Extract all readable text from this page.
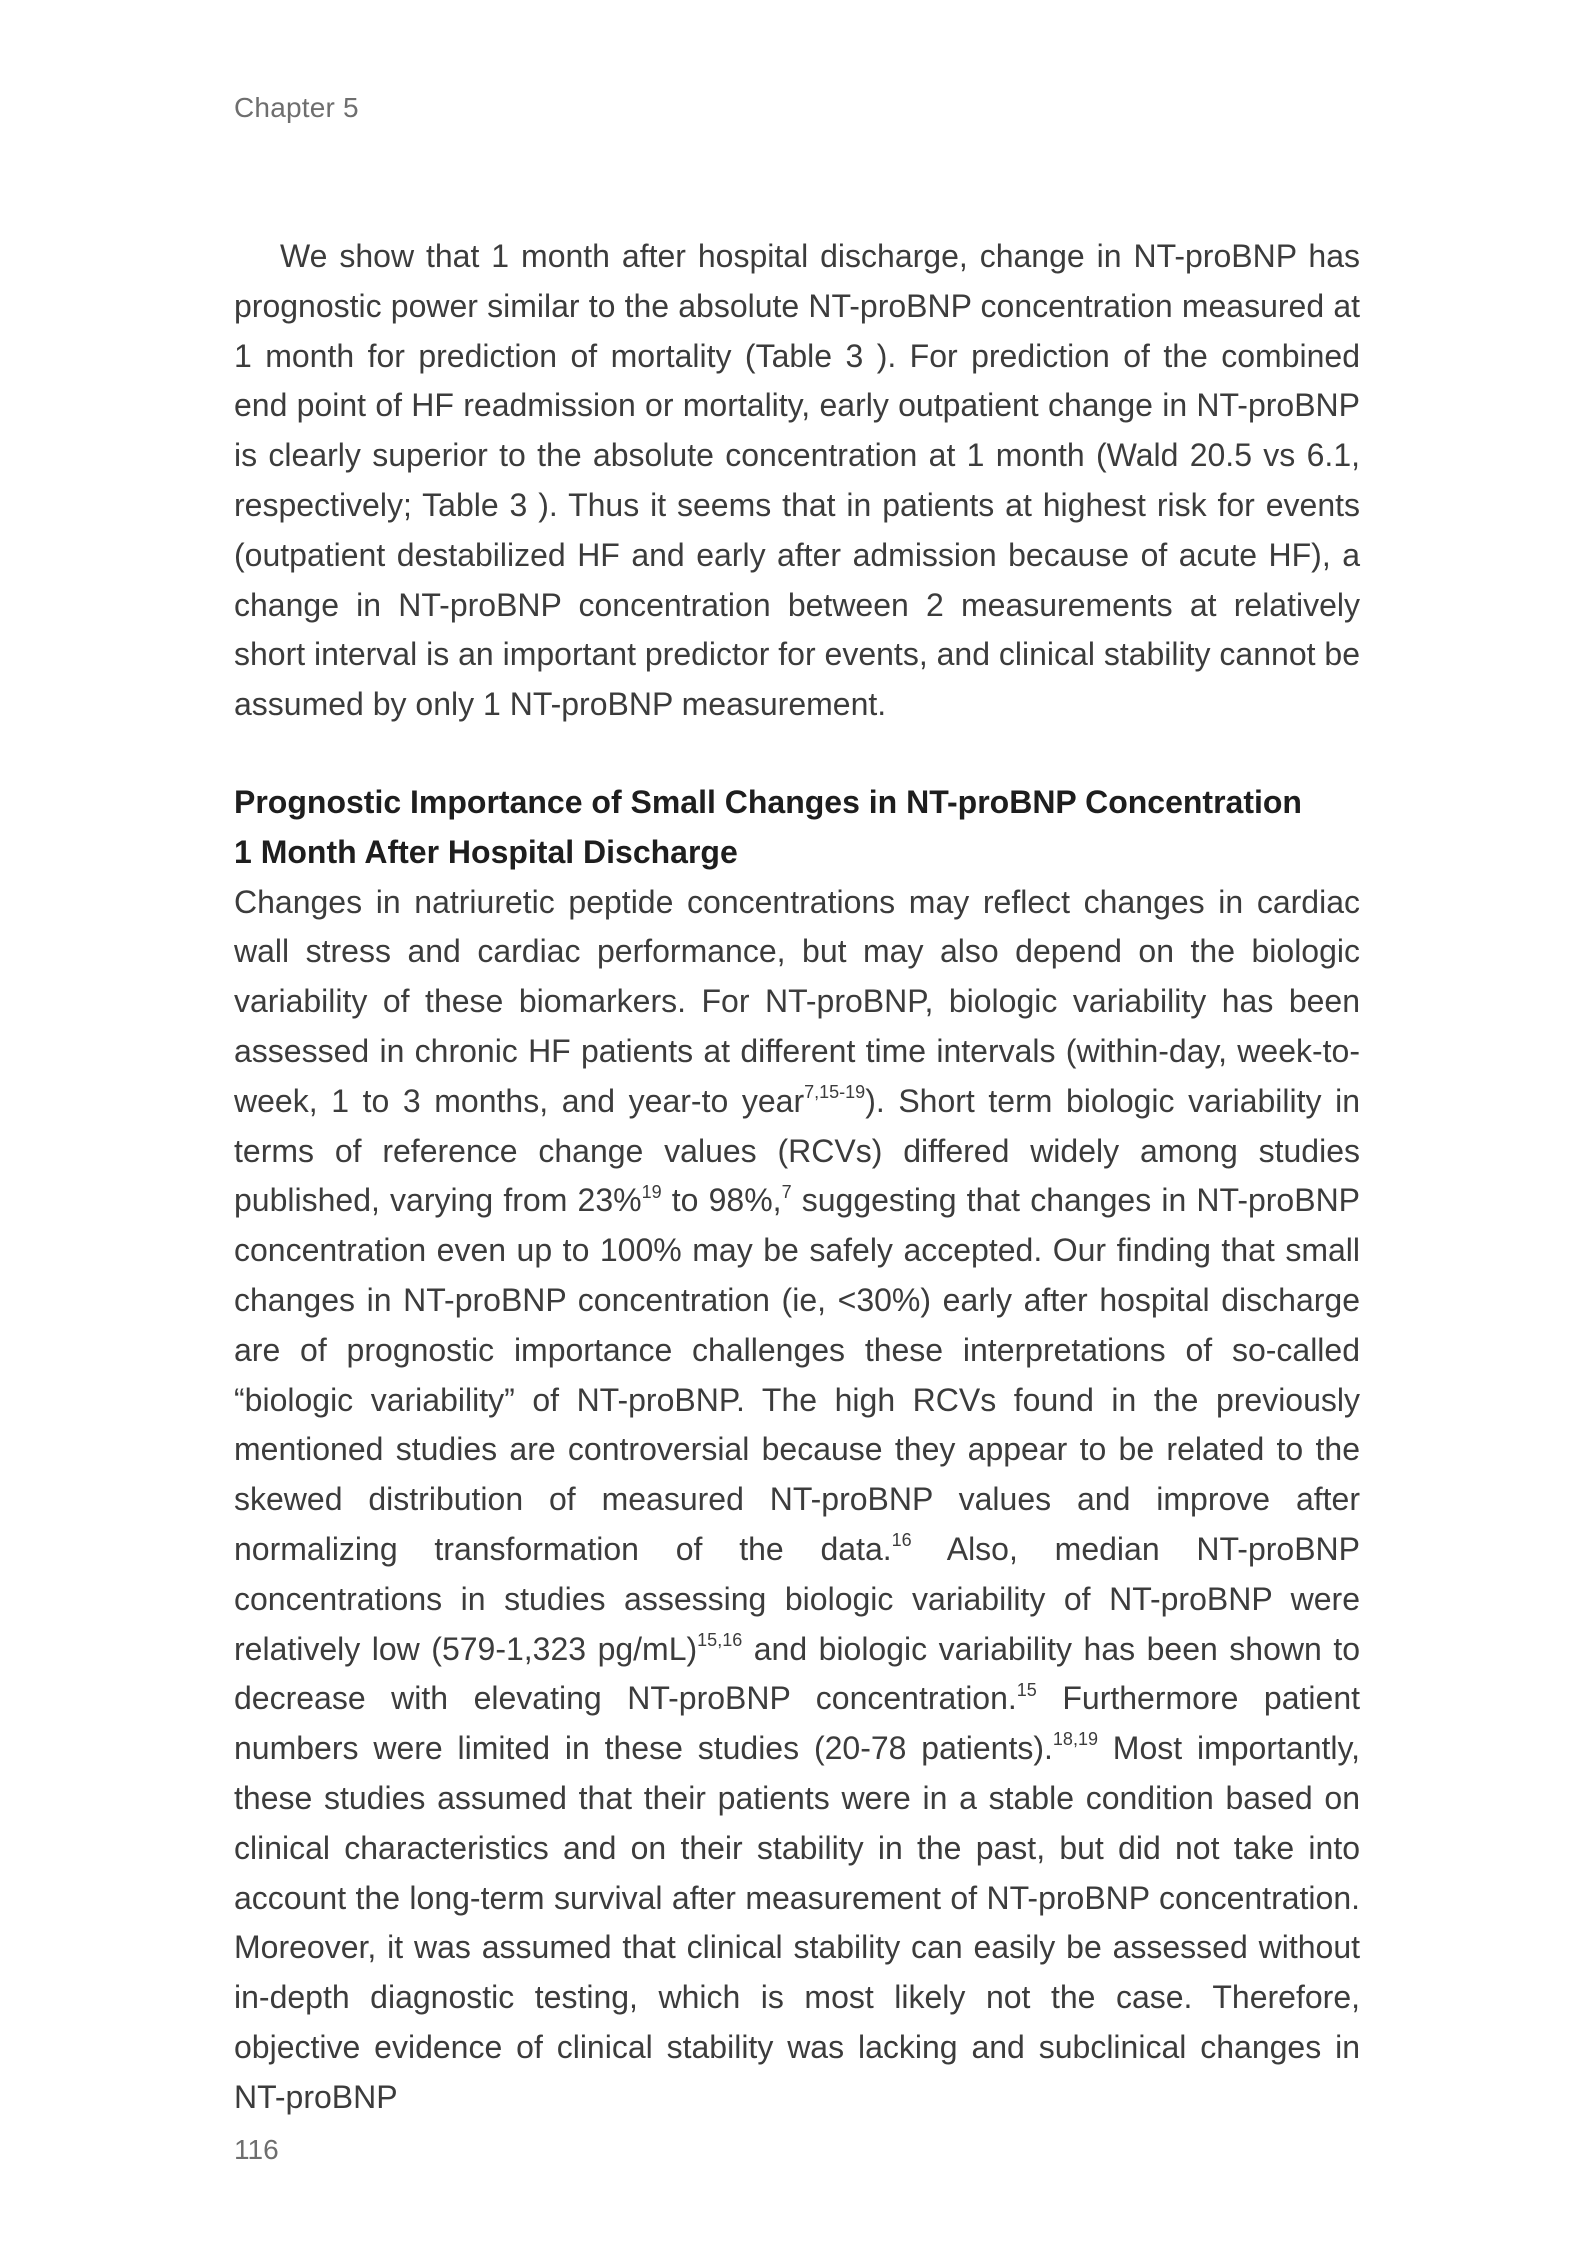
Chapter 5

We show that 1 month after hospital discharge, change in NT-proBNP has prognostic power similar to the absolute NT-proBNP concentration measured at 1 month for prediction of mortality (Table 3 ). For prediction of the combined end point of HF readmission or mortality, early outpatient change in NT-proBNP is clearly superior to the absolute concentration at 1 month (Wald 20.5 vs 6.1, respectively; Table 3 ). Thus it seems that in patients at highest risk for events (outpatient destabilized HF and early after admission because of acute HF), a change in NT-proBNP concentration between 2 measurements at relatively short interval is an important predictor for events, and clinical stability cannot be assumed by only 1 NT-proBNP measurement.

Prognostic Importance of Small Changes in NT-proBNP Concentration
1 Month After Hospital Discharge

Changes in natriuretic peptide concentrations may reflect changes in cardiac wall stress and cardiac performance, but may also depend on the biologic variability of these biomarkers. For NT-proBNP, biologic variability has been assessed in chronic HF patients at different time intervals (within-day, week-to-week, 1 to 3 months, and year-to year$^{7,15-19}$). Short term biologic variability in terms of reference change values (RCVs) differed widely among studies published, varying from 23%$^{19}$ to 98%,$^7$ suggesting that changes in NT-proBNP concentration even up to 100% may be safely accepted. Our finding that small changes in NT-proBNP concentration (ie, <30%) early after hospital discharge are of prognostic importance challenges these interpretations of so-called “biologic variability” of NT-proBNP. The high RCVs found in the previously mentioned studies are controversial because they appear to be related to the skewed distribution of measured NT-proBNP values and improve after normalizing transformation of the data.$^{16}$ Also, median NT-proBNP concentrations in studies assessing biologic variability of NT-proBNP were relatively low (579-1,323 pg/mL)$^{15,16}$ and biologic variability has been shown to decrease with elevating NT-proBNP concentration.$^{15}$ Furthermore patient numbers were limited in these studies (20-78 patients).$^{18,19}$ Most importantly, these studies assumed that their patients were in a stable condition based on clinical characteristics and on their stability in the past, but did not take into account the long-term survival after measurement of NT-proBNP concentration. Moreover, it was assumed that clinical stability can easily be assessed without in-depth diagnostic testing, which is most likely not the case. Therefore, objective evidence of clinical stability was lacking and subclinical changes in NT-proBNP

116
